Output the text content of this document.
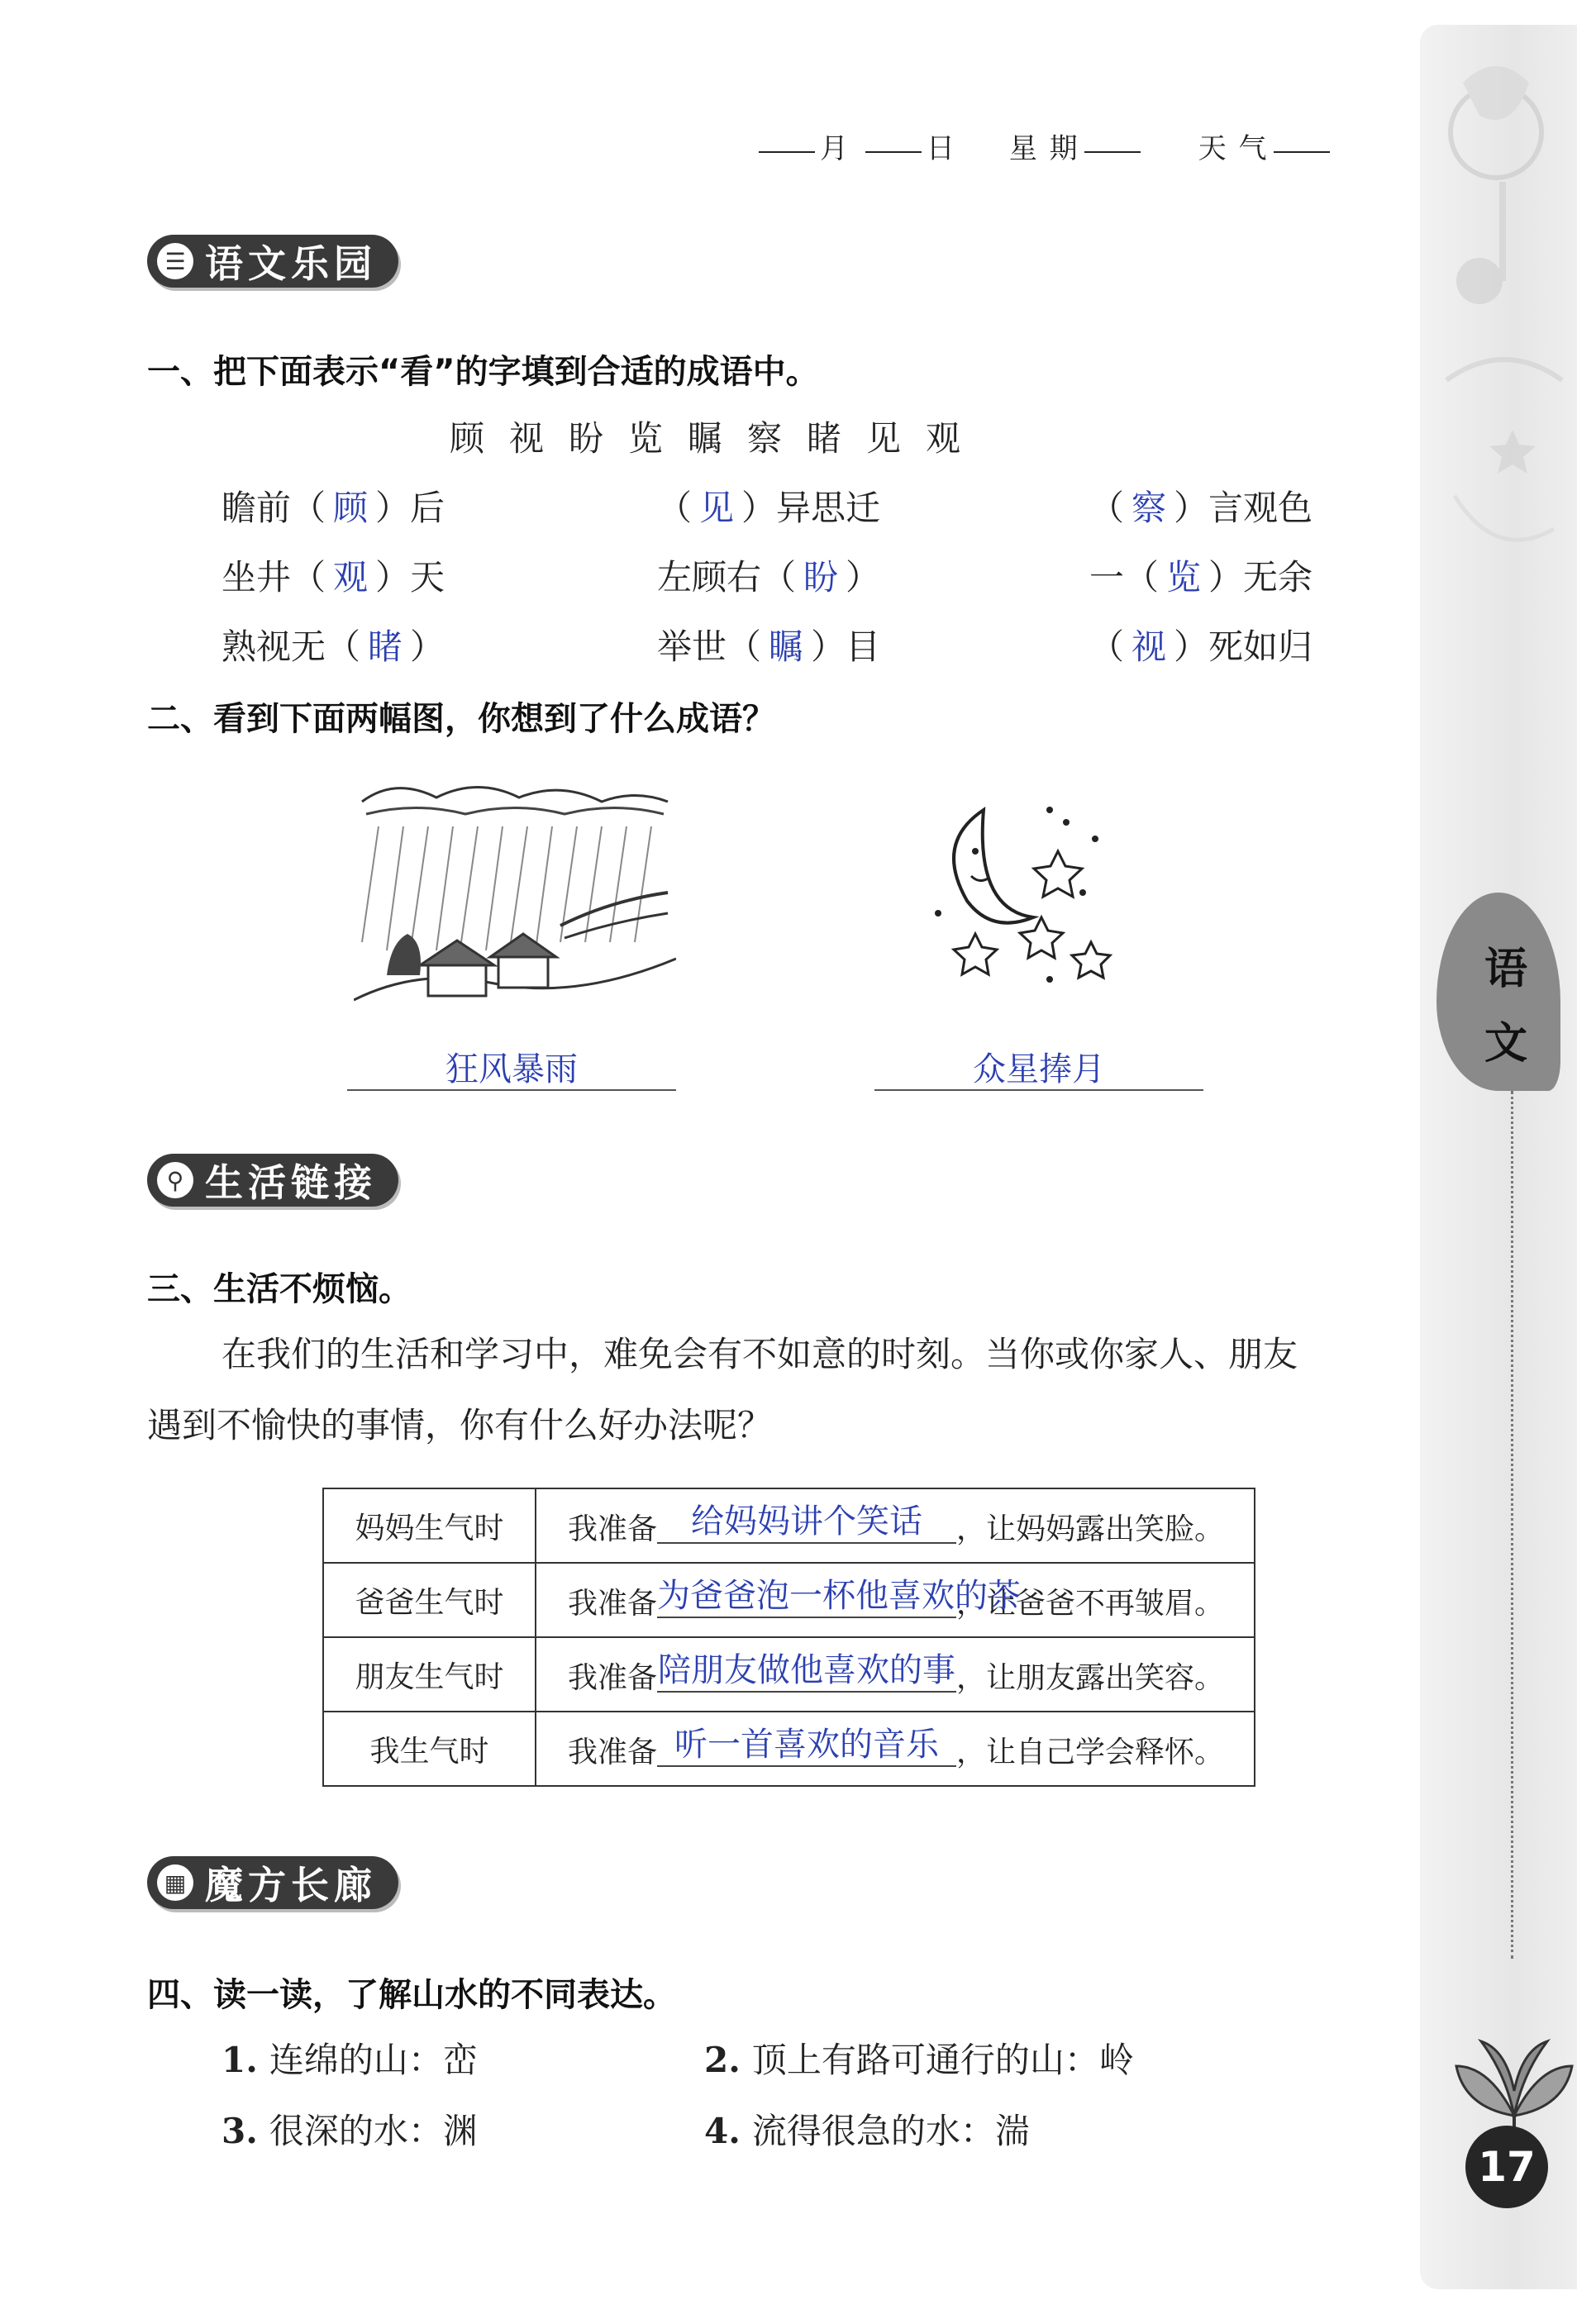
语
文
17
月	日 星 期	天 气
☰ 语文乐园
一、把下面表示“看”的字填到合适的成语中。
顾视盼览瞩察睹见观
瞻前（ 顾 ）后	（ 见 ）异思迁	（ 察 ）言观色
坐井（ 观 ）天	左顾右（ 盼 ）	一（ 览 ）无余
熟视无（ 睹 ）	举世（ 瞩 ）目	（ 视 ）死如归
二、看到下面两幅图，你想到了什么成语？
狂风暴雨	众星捧月
⚲ 生活链接
三、生活不烦恼。
在我们的生活和学习中，难免会有不如意的时刻。当你或你家人、朋友
遇到不愉快的事情，你有什么好办法呢？
妈妈生气时	我准备 给妈妈讲个笑话 ，让妈妈露出笑脸。
爸爸生气时	我准备为爸爸泡一杯他喜欢的茶，让爸爸不再皱眉。
朋友生气时	我准备陪朋友做他喜欢的事，让朋友露出笑容。
我生气时	我准备 听一首喜欢的音乐 ，让自己学会释怀。
▦ 魔方长廊
四、读一读，了解山水的不同表达。
1. 连绵的山：峦	2. 顶上有路可通行的山：岭
3. 很深的水：渊	4. 流得很急的水：湍
